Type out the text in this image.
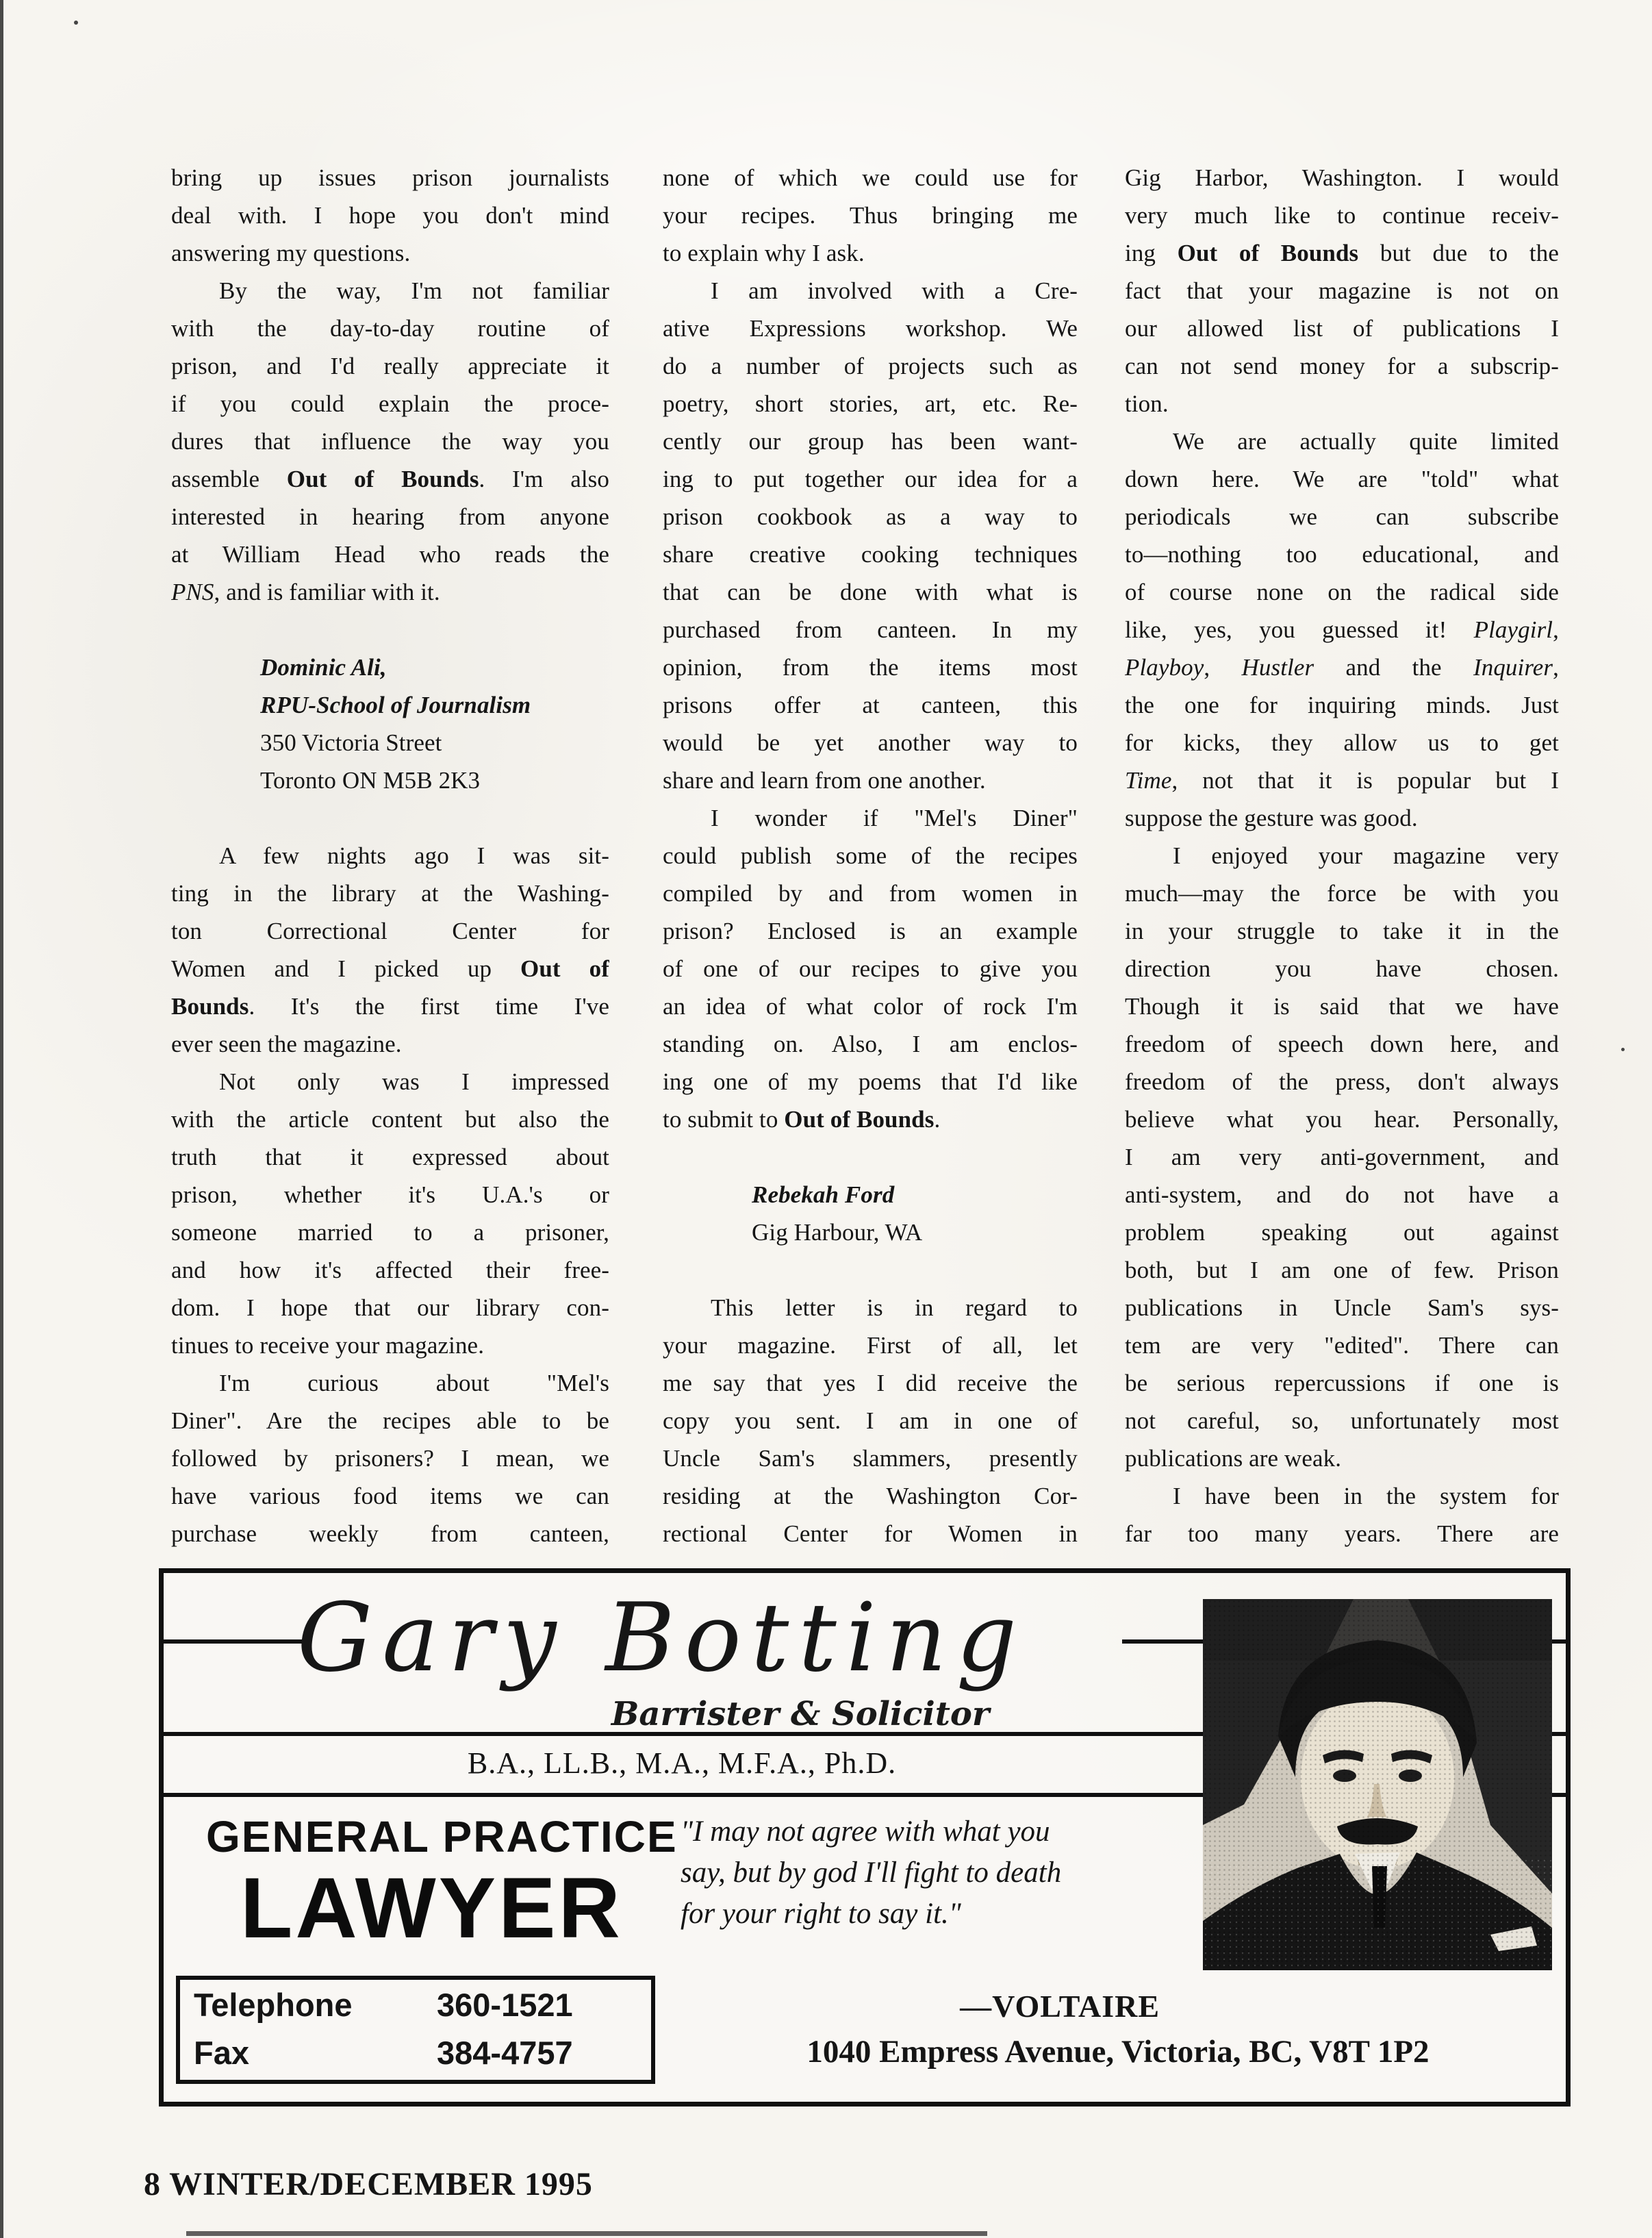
bring up issues prison journalists
deal with. I hope you don't mind
answering my questions.
By the way, I'm not familiar
with the day-to-day routine of
prison, and I'd really appreciate it
if you could explain the proce-
dures that influence the way you
assemble Out of Bounds. I'm also
interested in hearing from anyone
at William Head who reads the
PNS, and is familiar with it.

Dominic Ali,
RPU-School of Journalism
350 Victoria Street
Toronto ON M5B 2K3

A few nights ago I was sit-
ting in the library at the Washing-
ton Correctional Center for
Women and I picked up Out of
Bounds. It's the first time I've
ever seen the magazine.
Not only was I impressed
with the article content but also the
truth that it expressed about
prison, whether it's U.A.'s or
someone married to a prisoner,
and how it's affected their free-
dom. I hope that our library con-
tinues to receive your magazine.
I'm curious about "Mel's
Diner". Are the recipes able to be
followed by prisoners? I mean, we
have various food items we can
purchase weekly from canteen,
none of which we could use for
your recipes. Thus bringing me
to explain why I ask.
I am involved with a Cre-
ative Expressions workshop. We
do a number of projects such as
poetry, short stories, art, etc. Re-
cently our group has been want-
ing to put together our idea for a
prison cookbook as a way to
share creative cooking techniques
that can be done with what is
purchased from canteen. In my
opinion, from the items most
prisons offer at canteen, this
would be yet another way to
share and learn from one another.
I wonder if "Mel's Diner"
could publish some of the recipes
compiled by and from women in
prison? Enclosed is an example
of one of our recipes to give you
an idea of what color of rock I'm
standing on. Also, I am enclos-
ing one of my poems that I'd like
to submit to Out of Bounds.

Rebekah Ford
Gig Harbour, WA

This letter is in regard to
your magazine. First of all, let
me say that yes I did receive the
copy you sent. I am in one of
Uncle Sam's slammers, presently
residing at the Washington Cor-
rectional Center for Women in
Gig Harbor, Washington. I would
very much like to continue receiv-
ing Out of Bounds but due to the
fact that your magazine is not on
our allowed list of publications I
can not send money for a subscrip-
tion.
We are actually quite limited
down here. We are "told" what
periodicals we can subscribe
to—nothing too educational, and
of course none on the radical side
like, yes, you guessed it! Playgirl,
Playboy, Hustler and the Inquirer,
the one for inquiring minds. Just
for kicks, they allow us to get
Time, not that it is popular but I
suppose the gesture was good.
I enjoyed your magazine very
much—may the force be with you
in your struggle to take it in the
direction you have chosen.
Though it is said that we have
freedom of speech down here, and
freedom of the press, don't always
believe what you hear. Personally,
I am very anti-government, and
anti-system, and do not have a
problem speaking out against
both, but I am one of few. Prison
publications in Uncle Sam's sys-
tem are very "edited". There can
be serious repercussions if one is
not careful, so, unfortunately most
publications are weak.
I have been in the system for
far too many years. There are
Gary Botting
Barrister & Solicitor
B.A., LL.B., M.A., M.F.A., Ph.D.
GENERAL PRACTICE
LAWYER
"I may not agree with what you
say, but by god I'll fight to death
for your right to say it."
—VOLTAIRE
Telephone	360-1521
Fax	384-4757	1040 Empress Avenue, Victoria, BC, V8T 1P2
8 WINTER/DECEMBER 1995
